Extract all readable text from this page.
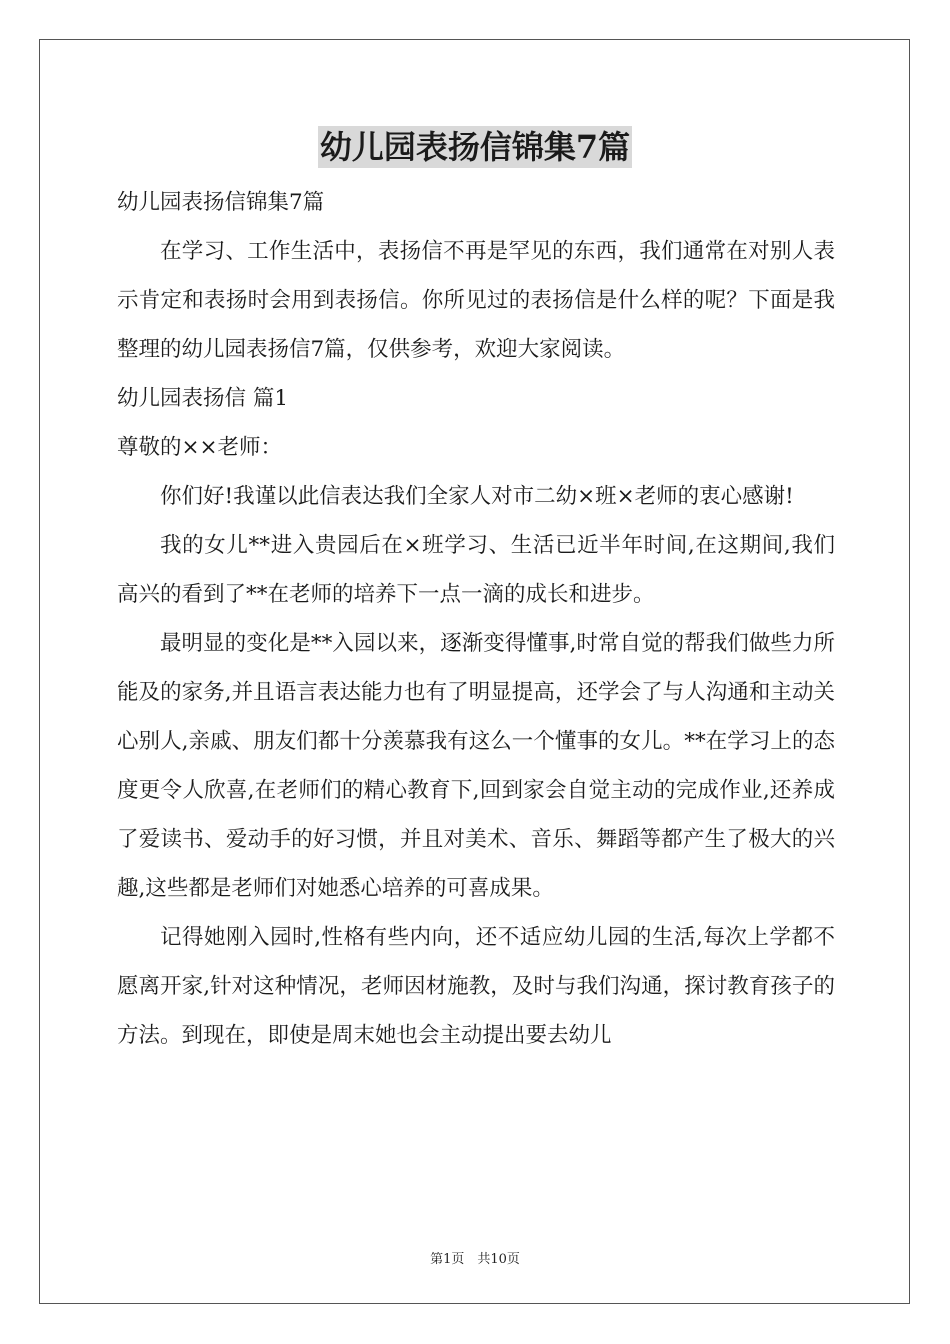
幼儿园表扬信锦集7篇
幼儿园表扬信锦集7篇

在学习、工作生活中，表扬信不再是罕见的东西，我们通常在对别人表示肯定和表扬时会用到表扬信。你所见过的表扬信是什么样的呢？下面是我整理的幼儿园表扬信7篇，仅供参考，欢迎大家阅读。

幼儿园表扬信 篇1
尊敬的××老师：

你们好!我谨以此信表达我们全家人对市二幼×班×老师的衷心感谢!

我的女儿**进入贵园后在×班学习、生活已近半年时间,在这期间,我们高兴的看到了**在老师的培养下一点一滴的成长和进步。

最明显的变化是**入园以来，逐渐变得懂事,时常自觉的帮我们做些力所能及的家务,并且语言表达能力也有了明显提高，还学会了与人沟通和主动关心别人,亲戚、朋友们都十分羡慕我有这么一个懂事的女儿。**在学习上的态度更令人欣喜,在老师们的精心教育下,回到家会自觉主动的完成作业,还养成了爱读书、爱动手的好习惯，并且对美术、音乐、舞蹈等都产生了极大的兴趣,这些都是老师们对她悉心培养的可喜成果。

记得她刚入园时,性格有些内向，还不适应幼儿园的生活,每次上学都不愿离开家,针对这种情况，老师因材施教，及时与我们沟通，探讨教育孩子的方法。到现在，即使是周末她也会主动提出要去幼儿

第1页　共10页
